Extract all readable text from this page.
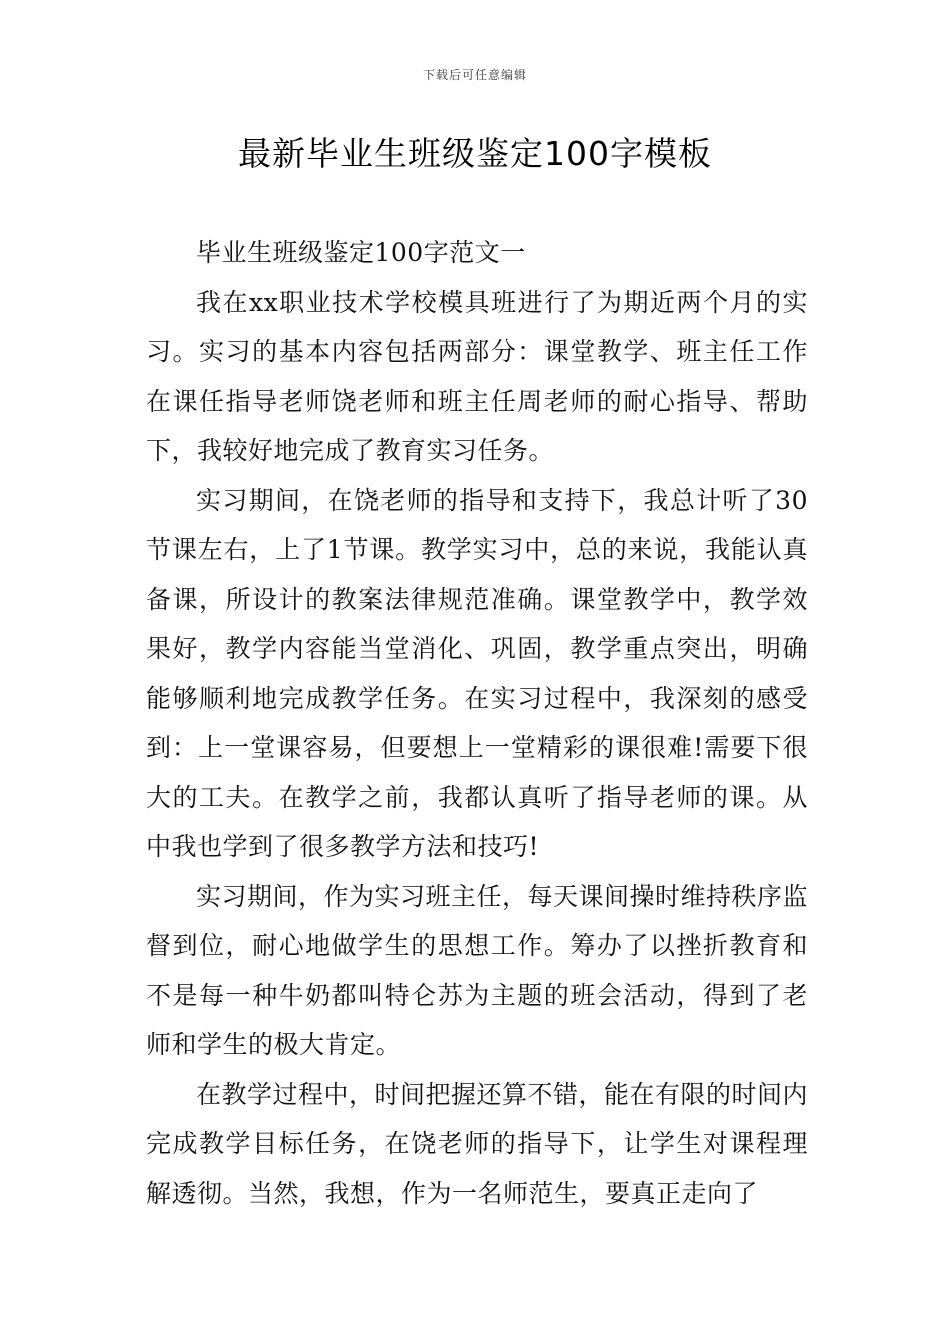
下载后可任意编辑
最新毕业生班级鉴定100字模板

毕业生班级鉴定100字范文一

我在xx职业技术学校模具班进行了为期近两个月的实习。实习的基本内容包括两部分：课堂教学、班主任工作在课任指导老师饶老师和班主任周老师的耐心指导、帮助下，我较好地完成了教育实习任务。

实习期间，在饶老师的指导和支持下，我总计听了30节课左右，上了1节课。教学实习中，总的来说，我能认真备课，所设计的教案法律规范准确。课堂教学中，教学效果好，教学内容能当堂消化、巩固，教学重点突出，明确能够顺利地完成教学任务。在实习过程中，我深刻的感受到：上一堂课容易，但要想上一堂精彩的课很难!需要下很大的工夫。在教学之前，我都认真听了指导老师的课。从中我也学到了很多教学方法和技巧!

实习期间，作为实习班主任，每天课间操时维持秩序监督到位，耐心地做学生的思想工作。筹办了以挫折教育和不是每一种牛奶都叫特仑苏为主题的班会活动，得到了老师和学生的极大肯定。

在教学过程中，时间把握还算不错，能在有限的时间内完成教学目标任务，在饶老师的指导下，让学生对课程理解透彻。当然，我想，作为一名师范生，要真正走向了
